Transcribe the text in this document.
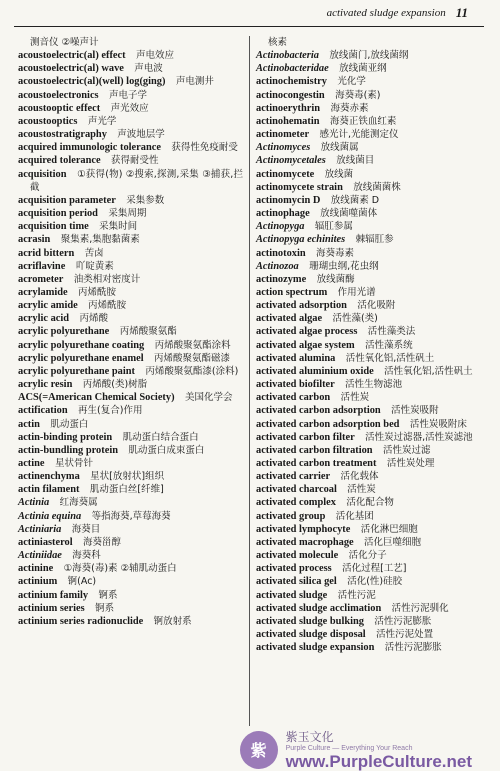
activated sludge expansion 11

测音仪 ②噪声计

acoustoelectric(al) effect  声电效应

acoustoelectric(al) wave  声电波

acoustoelectric(al)(well) log(ging)  声电测井

acoustoelectronics  声电子学

acoustooptic effect  声光效应

acoustooptics  声光学

acoustostratigraphy  声波地层学

acquired immunologic tolerance  获得性免疫耐受

acquired tolerance  获得耐受性

acquisition  ①获得(物) ②搜索,探测,采集 ③捕获,拦截

acquisition parameter  采集参数

acquisition period  采集周期

acquisition time  采集时间

acrasin  聚集素,集胞黏菌素

acrid bittern  苦卤

acriflavine  吖啶黄素

acrometer  油类相对密度计

acrylamide  丙烯酰胺

acrylic amide  丙烯酰胺

acrylic acid  丙烯酸

acrylic polyurethane  丙烯酸聚氨酯

acrylic polyurethane coating  丙烯酸聚氨酯涂料

acrylic polyurethane enamel  丙烯酸聚氨酯磁漆

acrylic polyurethane paint  丙烯酸聚氨酯漆(涂料)

acrylic resin  丙烯酸(类)树脂

ACS(=American Chemical Society)  美国化学会

actification  再生(复合)作用

actin  肌动蛋白

actin-binding protein  肌动蛋白结合蛋白

actin-bundling protein  肌动蛋白成束蛋白

actine  星状骨针

actinenchyma  星状[放射状]组织

actin filament  肌动蛋白丝[纤维]

Actinia  红海葵属

Actinia equina  等指海葵,草莓海葵

Actiniaria  海葵目

actiniasterol  海葵甾醇

Actiniidae  海葵科

actinine  ①海葵(毒)素 ②辅肌动蛋白

actinium  锕(Ac)

actinium family  锕系

actinium series  锕系

actinium series radionuclide  锕放射系

核素

Actinobacteria  放线菌门,放线菌纲

Actinobacteridae  放线菌亚纲

actinochemistry  光化学

actinocongestin  海葵毒(素)

actinoerythrin  海葵赤素

actinohematin  海葵正铁血红素

actinometer  感光计,光能测定仪

Actinomyces  放线菌属

Actinomycetales  放线菌目

actinomycete  放线菌

actinomycete strain  放线菌菌株

actinomycin D  放线菌素 D

actinophage  放线菌噬菌体

Actinopyga  辐肛参属

Actinopyga echinites  棘辐肛参

actinotoxin  海葵毒素

Actinozoa  珊瑚虫纲,花虫纲

actinozyme  放线菌酶

action spectrum  作用光谱

activated adsorption  活化吸附

activated algae  活性藻(类)

activated algae process  活性藻类法

activated algae system  活性藻系统

activated alumina  活性氧化铝,活性矾土

activated aluminium oxide  活性氧化铝,活性矾土

activated biofilter  活性生物滤池

activated carbon  活性炭

activated carbon adsorption  活性炭吸附

activated carbon adsorption bed  活性炭吸附床

activated carbon filter  活性炭过滤器,活性炭滤池

activated carbon filtration  活性炭过滤

activated carbon treatment  活性炭处理

activated carrier  活化载体

activated charcoal  活性炭

activated complex  活化配合物

activated group  活化基团

activated lymphocyte  活化淋巴细胞

activated macrophage  活化巨噬细胞

activated molecule  活化分子

activated process  活化过程[工艺]

activated silica gel  活化(性)硅胶

activated sludge  活性污泥

activated sludge acclimation  活性污泥驯化

activated sludge bulking  活性污泥膨胀

activated sludge disposal  活性污泥处置

activated sludge expansion  活性污泥膨胀

紫
紫玉文化
Purple Culture — Everything Your Reach
www.PurpleCulture.net
